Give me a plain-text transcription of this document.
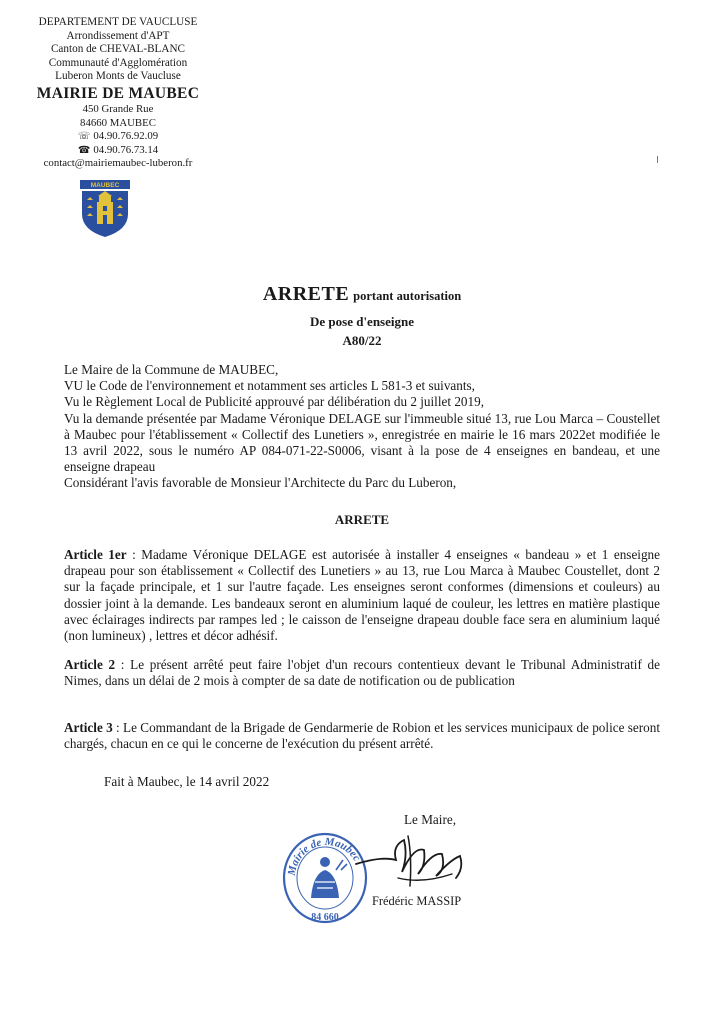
DEPARTEMENT DE VAUCLUSE
Arrondissement d'APT
Canton de CHEVAL-BLANC
Communauté d'Agglomération
Luberon Monts de Vaucluse
MAIRIE DE MAUBEC
450 Grande Rue
84660 MAUBEC
☏ 04.90.76.92.09
☎ 04.90.76.73.14
contact@mairiemaubec-luberon.fr
MAUBEC
ARRETE portant autorisation
De pose d'enseigne
A80/22

Le Maire de la Commune de MAUBEC,

VU le Code de l'environnement et notamment ses articles L 581-3 et suivants,

Vu le Règlement Local de Publicité approuvé par délibération du 2 juillet 2019,

Vu la demande présentée par Madame Véronique DELAGE sur l'immeuble situé 13, rue Lou Marca – Coustellet à Maubec pour l'établissement « Collectif des Lunetiers », enregistrée en mairie le 16 mars 2022et modifiée le 13 avril 2022, sous le numéro AP 084-071-22-S0006, visant à la pose de 4 enseignes en bandeau, et une enseigne drapeau

Considérant l'avis favorable de Monsieur l'Architecte du Parc du Luberon,

ARRETE

Article 1er : Madame Véronique DELAGE est autorisée à installer 4 enseignes « bandeau » et 1 enseigne drapeau pour son établissement « Collectif des Lunetiers » au 13, rue Lou Marca à Maubec Coustellet, dont 2 sur la façade principale, et 1 sur l'autre façade. Les enseignes seront conformes (dimensions et couleurs) au dossier joint à la demande. Les bandeaux seront en aluminium laqué de couleur, les lettres en matière plastique avec éclairages indirects par rampes led ; le caisson de l'enseigne drapeau double face sera en aluminium laqué (non lumineux) , lettres et décor adhésif.

Article 2 : Le présent arrêté peut faire l'objet d'un recours contentieux devant le Tribunal Administratif de Nimes, dans un délai de 2 mois à compter de sa date de notification ou de publication

Article 3 : Le Commandant de la Brigade de Gendarmerie de Robion et les services municipaux de police seront chargés, chacun en ce qui le concerne de l'exécution du présent arrêté.

Fait à Maubec, le 14 avril 2022
Le Maire,
Mairie de Maubec
84 660
Frédéric MASSIP
